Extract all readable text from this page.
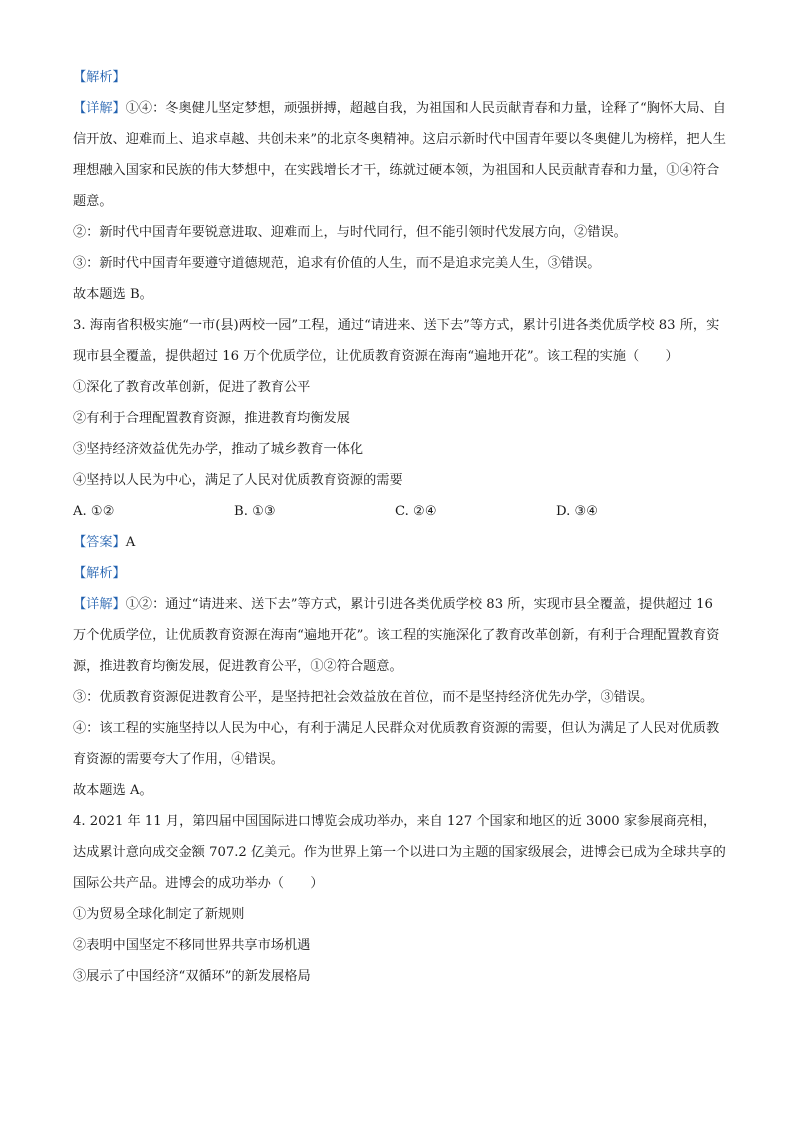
【解析】
【详解】①④：冬奥健儿坚定梦想，顽强拼搏，超越自我，为祖国和人民贡献青春和力量，诠释了“胸怀大局、自信开放、迎难而上、追求卓越、共创未来”的北京冬奥精神。这启示新时代中国青年要以冬奥健儿为榜样，把人生理想融入国家和民族的伟大梦想中，在实践增长才干，练就过硬本领，为祖国和人民贡献青春和力量，①④符合题意。
②：新时代中国青年要锐意进取、迎难而上，与时代同行，但不能引领时代发展方向，②错误。
③：新时代中国青年要遵守道德规范，追求有价值的人生，而不是追求完美人生，③错误。
故本题选 B。
3. 海南省积极实施“一市(县)两校一园”工程，通过“请进来、送下去”等方式，累计引进各类优质学校 83 所，实现市县全覆盖，提供超过 16 万个优质学位，让优质教育资源在海南“遍地开花”。该工程的实施（　　）
①深化了教育改革创新，促进了教育公平
②有利于合理配置教育资源，推进教育均衡发展
③坚持经济效益优先办学，推动了城乡教育一体化
④坚持以人民为中心，满足了人民对优质教育资源的需要
A. ①②	B. ①③	C. ②④	D. ③④
【答案】A
【解析】
【详解】①②：通过“请进来、送下去”等方式，累计引进各类优质学校 83 所，实现市县全覆盖，提供超过 16 万个优质学位，让优质教育资源在海南“遍地开花”。该工程的实施深化了教育改革创新，有利于合理配置教育资源，推进教育均衡发展，促进教育公平，①②符合题意。
③：优质教育资源促进教育公平，是坚持把社会效益放在首位，而不是坚持经济优先办学，③错误。
④：该工程的实施坚持以人民为中心，有利于满足人民群众对优质教育资源的需要，但认为满足了人民对优质教育资源的需要夸大了作用，④错误。
故本题选 A。
4. 2021 年 11 月，第四届中国国际进口博览会成功举办，来自 127 个国家和地区的近 3000 家参展商亮相，达成累计意向成交金额 707.2 亿美元。作为世界上第一个以进口为主题的国家级展会，进博会已成为全球共享的国际公共产品。进博会的成功举办（　　）
①为贸易全球化制定了新规则
②表明中国坚定不移同世界共享市场机遇
③展示了中国经济“双循环”的新发展格局
